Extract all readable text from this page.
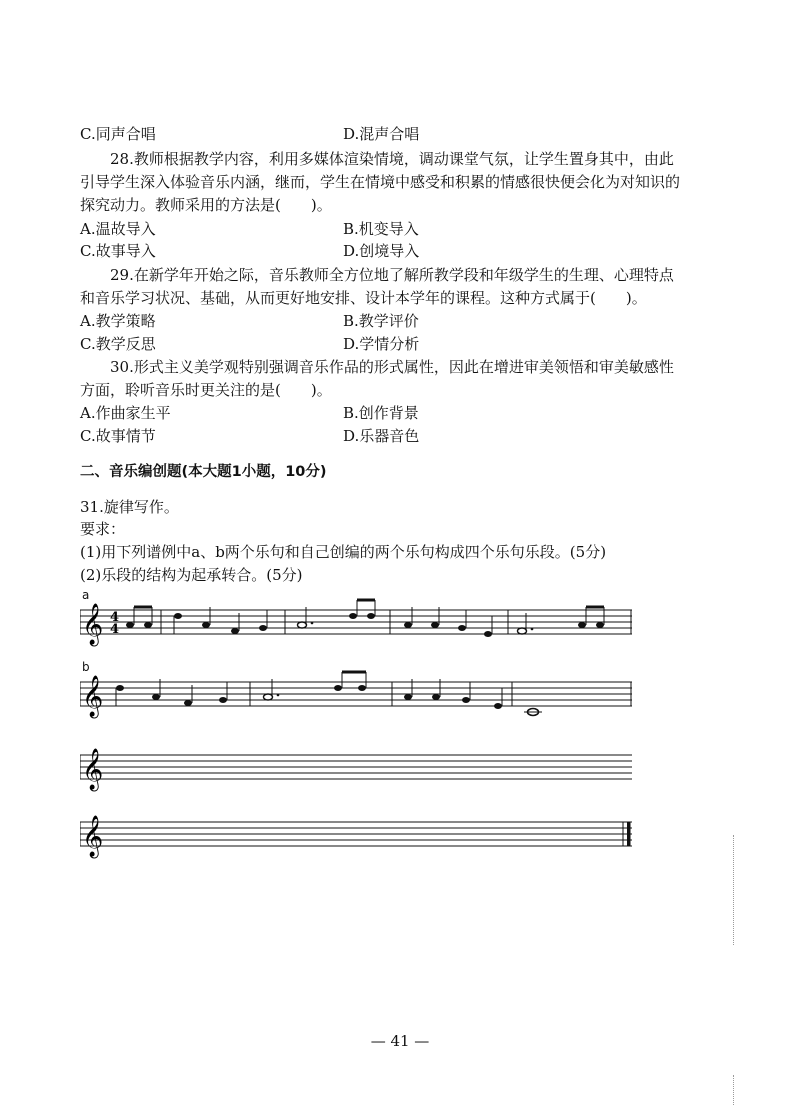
C.同声合唱	D.混声合唱
28.教师根据教学内容，利用多媒体渲染情境，调动课堂气氛，让学生置身其中，由此引导学生深入体验音乐内涵，继而，学生在情境中感受和积累的情感很快便会化为对知识的探究动力。教师采用的方法是(　　)。
A.温故导入	B.机变导入
C.故事导入	D.创境导入
29.在新学年开始之际，音乐教师全方位地了解所教学段和年级学生的生理、心理特点和音乐学习状况、基础，从而更好地安排、设计本学年的课程。这种方式属于(　　)。
A.教学策略	B.教学评价
C.教学反思	D.学情分析
30.形式主义美学观特别强调音乐作品的形式属性，因此在增进审美领悟和审美敏感性方面，聆听音乐时更关注的是(　　)。
A.作曲家生平	B.创作背景
C.故事情节	D.乐器音色
二、音乐编创题(本大题1小题，10分)
31.旋律写作。
要求：
(1)用下列谱例中a、b两个乐句和自己创编的两个乐句构成四个乐句乐段。(5分)
(2)乐段的结构为起承转合。(5分)
a
𝄞 4
4
b
𝄞
𝄞
𝄞
— 41 —
